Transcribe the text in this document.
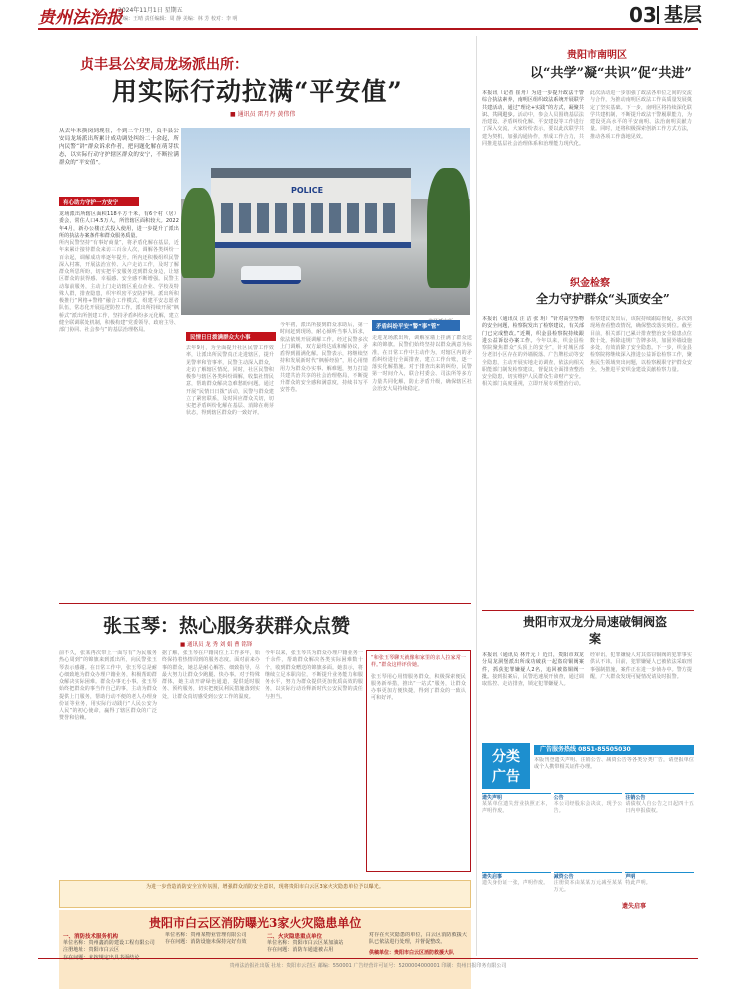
贵州法治报
2024年11月1日 星期五
主编：王晴 责任编辑：周 静 美编：林 芳 校对：李 明	03 基层
贞丰县公安局龙场派出所：
用实际行动拉满“平安值”
■ 通讯员 雷月丹 黄伟伟
从去年末换岗到现在，不到三个月里，贞丰县公安局龙场派出所累计成功调处纠纷二十余起，所内民警“讲”群众诉求作者，把问题化解在萌芽状态，以实际行动守护辖区群众的安宁，不断拉满群众的“平安值”。
有心助力守护一方安宁
龙场派出所辖区面积118平方千米，有6个村（居）委会，常住人口4.5万人，所管辖区面积较大。2022年4月，新办公楼正式投入使用，进一步提升了派出所的执法办案条件和群众服务质量。
所内民警坚持“有事好商量”，将矛盾化解在基层，近年来累计接待群众来访三百余人次，调解各类纠纷一百余起，调解成功率逐年提升。所内还积极组织民警深入村寨，开展法治宣传、入户走访工作，及时了解群众所思所盼，切实把平安服务送到群众身边，让辖区群众的获得感、幸福感、安全感不断增强。民警主动靠前服务，主动上门走访辖区重点企业、学校及特殊人群，排查隐患，织牢织密平安防护网。派出所积极推行“网格+警格”融合工作模式，组建平安志愿者队伍，常态化开展巡逻防控工作。派出所持续开展“枫桥式”派出所创建工作，坚持矛盾纠纷多元化解，建立健全联调联处机制，积极构建“党委领导、政府主导、部门协同、社会参与”的基层治理格局。
POLICE
民情日日拨满群众大小事
去年9月，为全面提升社区民警工作效率，让派出所民警真正走进辖区，提升见警率和管事率，民警主动深入群众，走访了解辖区情况。同时，社区民警积极参与辖区各类纠纷调解，收集社情民意，帮助群众解决急难愁盼问题。通过开展“民情日日拨”活动，民警与群众建立了紧密联系，及时回应群众关切，切实把矛盾纠纷化解在基层、消除在萌芽状态，得到辖区群众的一致好评。
今年初，派出所接到群众求助后，第一时间赶到现场，耐心倾听当事人诉求，依法依规开展调解工作。经过民警多次上门调解，双方最终达成和解协议，矛盾得到圆满化解。民警表示，将继续坚持和发展新时代“枫桥经验”，用心用情用力为群众办实事、解难题，努力打造共建共治共享的社会治理格局，不断提升群众的安全感和满意度，持续书写平安答卷。
矛盾纠纷平安“警”事“管”
走进龙场派出所，调解室墙上挂满了群众送来的锦旗。民警们始终坚持以群众满意为标准，在日常工作中主动作为，对辖区内的矛盾纠纷进行全面排查，建立工作台账，逐一落实化解措施。对于排查出来的纠纷，民警第一时间介入，联合村委会、司法所等多方力量共同化解，防止矛盾升级，确保辖区社会治安大局持续稳定。
张玉琴：热心服务获群众点赞
■ 通讯员 龙 秀 刘 娟 曹 铭锋
前不久，张某再次带上一面写有“为民服务 热心周到”的锦旗来到派出所，向民警张玉琴表示感谢。在日常工作中，张玉琴总是耐心细致地为群众办理户籍业务，积极帮助群众解决实际困难。群众办事无小事。张玉琴始终把群众的事当作自己的事，主动为群众提供上门服务，帮助行动不便的老人办理身份证等业务，用实际行动践行“人民公安为人民”的初心使命，赢得了辖区群众的广泛赞誉和信赖。
据了解，张玉琴在户籍岗位上工作多年，始终保持着热情周到的服务态度。面对前来办事的群众，她总是耐心解答、细致指导，尽最大努力让群众少跑腿、快办事。对于特殊群体，她主动开辟绿色通道，提供延时服务、预约服务，切实把便民利民措施落到实处，让群众真切感受到公安工作的温度。
今年以来，张玉琴共为群众办理户籍业务一千余件，帮助群众解决各类实际困难数十个，收到群众赠送的锦旗多面。她表示，将继续立足本职岗位，不断提升业务能力和服务水平，努力为群众提供更加优质高效的服务，以实际行动诠释新时代公安民警的责任与担当。
“和张玉琴聊天就像和家里的亲人拉家常一样。”群众这样评价她。
张玉琴用心用情服务群众，积极探索便民服务新举措，推出“一站式”服务，让群众办事更加方便快捷，得到了群众的一致认可和好评。
为进一步营造消防安全宣传氛围，增强群众消防安全意识，现将贵阳市白云区3家火灾隐患单位予以曝光。
贵阳市白云区消防曝光3家火灾隐患单位
一、消防技术服务机构
单位名称：贵州鑫消防建设工程有限公司
注册地址：贵阳市白云区
单位名称：贵州某物业管理有限公司
存在问题：消防设施未保持完好有效
二、火灾隐患重点单位
单位名称：贵阳市白云区某加油站
存在问题：消防车通道被占用
对存在火灾隐患的单位，白云区消防救援大队已依法进行处理，并督促整改。
供稿单位：贵阳市白云区消防救援大队
贵阳市南明区
以“共学”凝“共识”促“共进”
本报讯（记者 崔舟）为进一步提升政法干警综合执法素养，南明区组织政法系统开展联学共建活动，通过“理论+实践”的方式，凝聚共识、共同进步。活动中，参会人员围绕基层法治建设、矛盾纠纷化解、平安建设等工作进行了深入交流，大家纷纷表示，要以此次联学共建为契机，加强沟通协作，形成工作合力，共同推进基层社会治理体系和治理能力现代化。
此次活动进一步加强了政法各单位之间的交流与合作，为推动南明区政法工作高质量发展奠定了坚实基础。下一步，南明区将持续深化联学共建机制，不断提升政法干警履职能力，为建设更高水平的平安南明、法治南明贡献力量。同时，还将积极探索创新工作方式方法，推动各项工作落地见效。
织金检察
全力守护群众“头顶安全”
本报讯（通讯员 汪 洁 张 玥）“针对高空坠物的安全问题，检察院发出了检察建议，有关部门已完成整改。”近期，织金县检察院持续跟进公益诉讼办案工作。今年以来，织金县检察院聚焦群众“头顶上的安全”，针对城区部分老旧小区存在的外墙脱落、广告牌松动等安全隐患，主动开展实地走访调查，依法向相关职能部门制发检察建议，督促其全面排查整治安全隐患，切实维护人民群众生命财产安全。相关部门高度重视，立即开展专项整治行动。
检察建议发出后，该院持续跟踪督促，多次到现场查看整改情况，确保整改落实到位。截至目前，相关部门已累计排查整治安全隐患点位数十处，拆除违规广告牌多块，加固外墙设施多处，有效消除了安全隐患。下一步，织金县检察院将继续深入推进公益诉讼检察工作，聚焦民生领域突出问题，以检察履职守护群众安全，为推进平安织金建设贡献检察力量。
贵阳市双龙分局速破铜阀盗案
本报讯（通讯员 林开元 ）近日，贵阳市双龙分局龙洞堡派出所成功破获一起盗窃铜阀案件，抓获犯罪嫌疑人2名，追回被盗铜阀一批。接到报案后，民警迅速展开侦查，通过调取监控、走访排查，锁定犯罪嫌疑人。
经审讯，犯罪嫌疑人对其盗窃铜阀的犯罪事实供认不讳。目前，犯罪嫌疑人已被依法采取刑事强制措施，案件正在进一步侦办中。警方提醒，广大群众发现可疑情况请及时报警。
分类
广告
广告服务热线 0851-85505030
本版刊登遗失声明、注销公告、减资公告等各类分类广告，请登报单位或个人携带相关证件办理。
遗失声明
某某单位遗失营业执照正本，声明作废。
公告
本公司经股东会决议，现予公告。
注销公告
请债权人自公告之日起四十五日内申报债权。
遗失启事
遗失身份证一张，声明作废。
减资公告
注册资本由某某万元减至某某万元。
声明
特此声明。
遗失启事
贵州法治报社出版 社址：贵阳市云岩区 邮编：550001 广告经营许可证号：5200004000001 印刷：贵州日报印务有限公司
